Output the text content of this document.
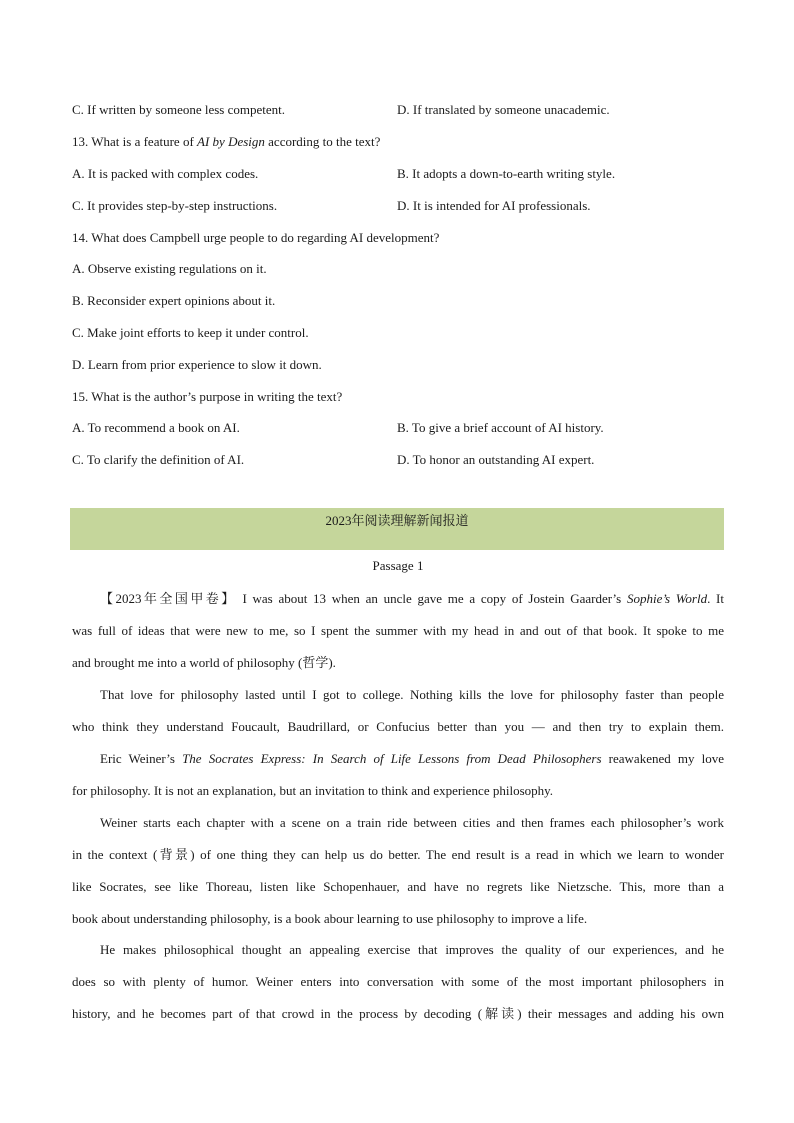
C. If written by someone less competent.	D. If translated by someone unacademic.
13. What is a feature of AI by Design according to the text?
A. It is packed with complex codes.	B. It adopts a down-to-earth writing style.
C. It provides step-by-step instructions.	D. It is intended for AI professionals.
14. What does Campbell urge people to do regarding AI development?
A. Observe existing regulations on it.
B. Reconsider expert opinions about it.
C. Make joint efforts to keep it under control.
D. Learn from prior experience to slow it down.
15. What is the author’s purpose in writing the text?
A. To recommend a book on AI.	B. To give a brief account of AI history.
C. To clarify the definition of AI.	D. To honor an outstanding AI expert.
2023年阅读理解新闻报道
Passage 1
【2023年全国甲卷】 I was about 13 when an uncle gave me a copy of Jostein Gaarder’s Sophie’s World. It
was full of ideas that were new to me, so I spent the summer with my head in and out of that book. It spoke to me
and brought me into a world of philosophy (哲学).
That love for philosophy lasted until I got to college. Nothing kills the love for philosophy faster than people
who think they understand Foucault, Baudrillard, or Confucius better than you — and then try to explain them.
Eric Weiner’s The Socrates Express: In Search of Life Lessons from Dead Philosophers reawakened my love
for philosophy. It is not an explanation, but an invitation to think and experience philosophy.
Weiner starts each chapter with a scene on a train ride between cities and then frames each philosopher’s work
in the context (背景) of one thing they can help us do better. The end result is a read in which we learn to wonder
like Socrates, see like Thoreau, listen like Schopenhauer, and have no regrets like Nietzsche. This, more than a
book about understanding philosophy, is a book abour learning to use philosophy to improve a life.
He makes philosophical thought an appealing exercise that improves the quality of our experiences, and he
does so with plenty of humor. Weiner enters into conversation with some of the most important philosophers in
history, and he becomes part of that crowd in the process by decoding (解读) their messages and adding his own
